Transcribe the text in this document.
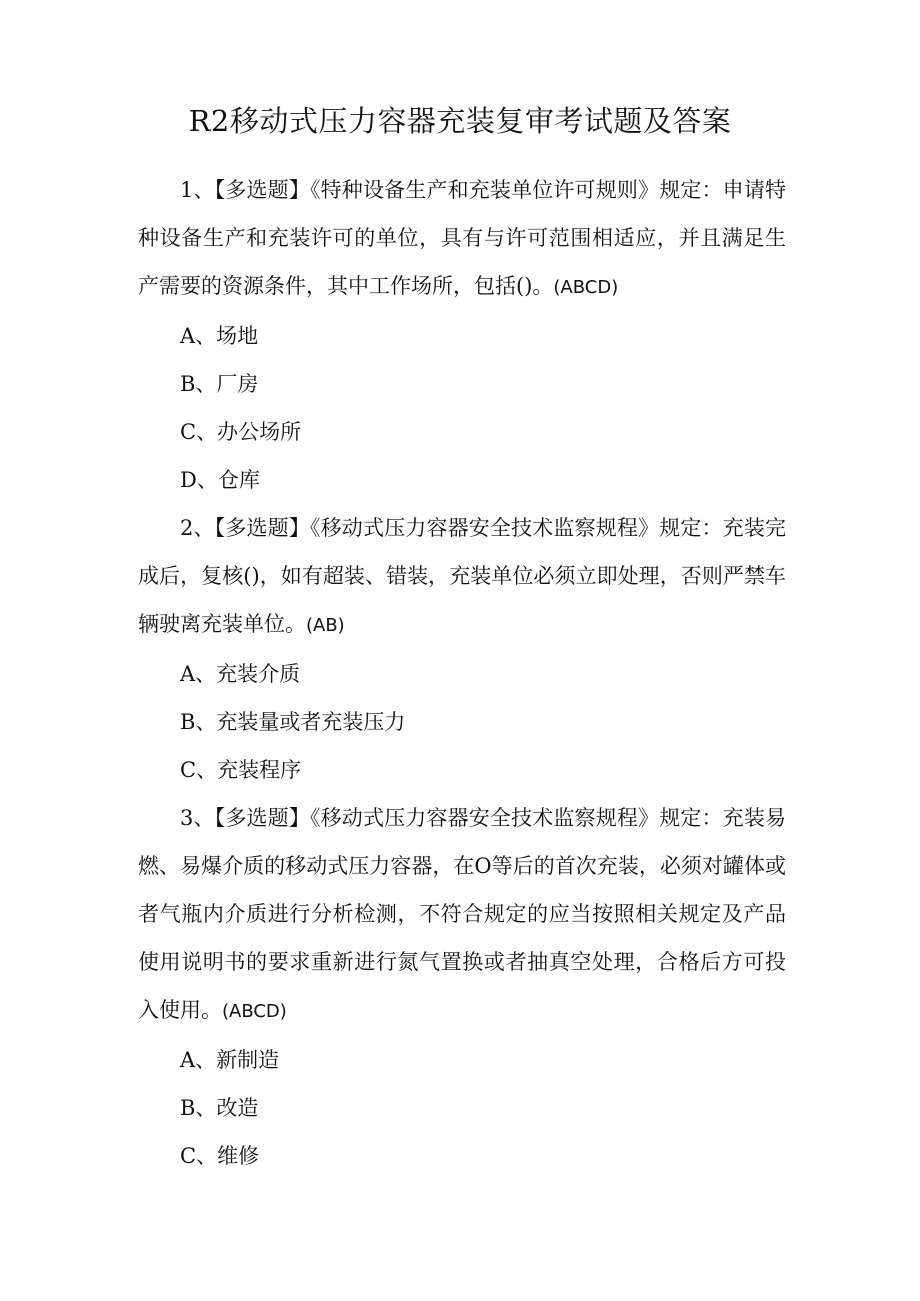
R2移动式压力容器充装复审考试题及答案

1、【多选题】《特种设备生产和充装单位许可规则》规定：申请特种设备生产和充装许可的单位，具有与许可范围相适应，并且满足生产需要的资源条件，其中工作场所，包括()。(ABCD)

A、场地

B、厂房

C、办公场所

D、仓库

2、【多选题】《移动式压力容器安全技术监察规程》规定：充装完成后，复核()，如有超装、错装，充装单位必须立即处理，否则严禁车辆驶离充装单位。(AB)

A、充装介质

B、充装量或者充装压力

C、充装程序

3、【多选题】《移动式压力容器安全技术监察规程》规定：充装易燃、易爆介质的移动式压力容器，在O等后的首次充装，必须对罐体或者气瓶内介质进行分析检测，不符合规定的应当按照相关规定及产品使用说明书的要求重新进行氮气置换或者抽真空处理，合格后方可投入使用。(ABCD)

A、新制造

B、改造

C、维修
